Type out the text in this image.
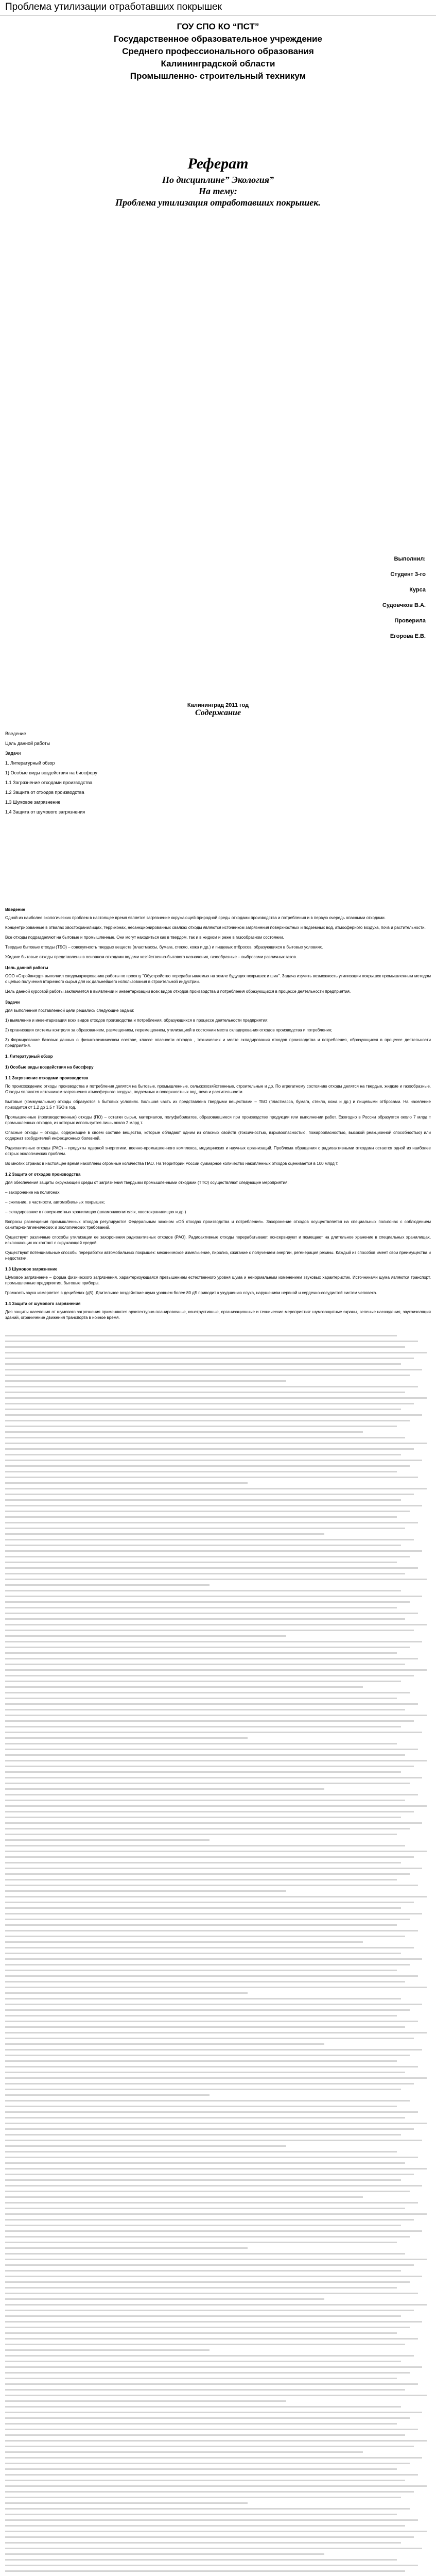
Проблема утилизации отработавших покрышек

ГОУ СПО КО “ПСТ”

Государственное образовательное учреждение

Среднего профессионального образования

Калининградской области

Промышленно- строительный техникум

Реферат

По дисциплине” Экология”

На тему:

Проблема утилизация отработавших покрышек.

Выполнил:
Студент 3-го
Курса
Судовчков В.А.
Проверила
Егорова Е.В.
Калининград 2011 год
Содержание
Введение
Цель данной работы
Задачи
1. Литературный обзор
1) Особые виды воздействия на биосферу
1.1 Загрязнение отходами производства
1.2 Защита от отходов производства
1.3 Шумовое загрязнение
1.4 Защита от шумового загрязнения
Введение

Одной из наиболее экологических проблем в настоящее время является загрязнение окружающей природной среды отходами производства и потребления и в первую очередь опасными отходами.

Концентрированные в отвалах хвостохранилищах, терриконах, несанкционированных свалках отходы являются источником загрязнения поверхностных и подземных вод, атмосферного воздуха, почв и растительности.

Все отходы подразделяют на бытовые и промышленные. Они могут находиться как в твердом, так и в жидком и реже в газообразном состоянии.

Твердые бытовые отходы (ТБО) – совокупность твердых веществ (пластмассы, бумага, стекло, кожа и др.) и пищевых отбросов, образующихся в бытовых условиях.

Жидкие бытовые отходы представлены в основном отходами водами хозяйственно-бытового назначения, газообразные – выбросами различных газов.

Цель данной работы

ООО «Стройвнедр» выполнил сводомаркированию работы по проекту "Обустройство перерабатываемых на земле будущих покрышек и шин". Задача изучить возможность утилизации покрышек промышленным методом с целью получения вторичного сырья для их дальнейшего использования в строительной индустрии.

Цель данной курсовой работы заключается в выявлении и инвентаризации всех видов отходов производства и потребления образующихся в процессе деятельности предприятия.

Задачи

Для выполнения поставленной цели решались следующие задачи:

1) выявление и инвентаризация всех видов отходов производства и потребления, образующихся в процессе деятельности предприятия;

2) организация системы контроля за образованием, размещением, перемещением, утилизацией в состоянии места складирования отходов производства и потребления;

3) Формирование базовых данных о физико-химическом составе, классе опасности отходов , технических и месте складирования отходов производства и потребления, образующихся в процессе деятельности предприятия.

1. Литературный обзор
1) Особые виды воздействия на биосферу
1.1 Загрязнение отходами производства

По происхождению отходы производства и потребления делятся на бытовые, промышленные, сельскохозяйственные, строительные и др. По агрегатному состоянию отходы делятся на твердые, жидкие и газообразные. Отходы являются источником загрязнения атмосферного воздуха, подземных и поверхностных вод, почв и растительности.

Бытовые (коммунальные) отходы образуются в бытовых условиях. Большая часть их представлена твердыми веществами – ТБО (пластмасса, бумага, стекло, кожа и др.) и пищевыми отбросами. На население приходится от 1,2 до 1,5 т ТБО в год.

Промышленные (производственные) отходы (ПО) – остатки сырья, материалов, полуфабрикатов, образовавшиеся при производстве продукции или выполнении работ. Ежегодно в России образуется около 7 млрд т промышленных отходов, из которых используется лишь около 2 млрд т.

Опасные отходы – отходы, содержащие в своем составе вещества, которые обладают одним из опасных свойств (токсичностью, взрывоопасностью, пожароопасностью, высокой реакционной способностью) или содержат возбудителей инфекционных болезней.

Радиоактивные отходы (РАО) – продукты ядерной энергетики, военно-промышленного комплекса, медицинских и научных организаций. Проблема обращения с радиоактивными отходами остается одной из наиболее острых экологических проблем.

Во многих странах в настоящее время накоплены огромные количества ПАО. На территории России суммарное количество накопленных отходов оценивается в 100 млрд т.

1.2 Защита от отходов производства

Для обеспечения защиты окружающей среды от загрязнения твердыми промышленными отходами (ТПО) осуществляют следующие мероприятия:

– захоронение на полигонах;

– сжигание, в частности, автомобильных покрышек;

– складирование в поверхностных хранилищах (шламонакопителях, хвостохранилищах и др.)

Вопросы размещения промышленных отходов регулируются Федеральным законом «Об отходах производства и потребления». Захоронение отходов осуществляется на специальных полигонах с соблюдением санитарно-гигиенических и экологических требований.

Существует различные способы утилизации ее захоронения радиоактивных отходов (РАО). Радиоактивные отходы перерабатывают, консервируют и помещают на длительное хранение в специальных хранилищах, исключающих их контакт с окружающей средой.

Существуют потенциальные способы переработки автомобильных покрышек: механическое измельчение, пиролиз, сжигание с получением энергии, регенерация резины. Каждый из способов имеет свои преимущества и недостатки.

1.3 Шумовое загрязнение

Шумовое загрязнение – форма физического загрязнения, характеризующаяся превышением естественного уровня шума и ненормальным изменением звуковых характеристик. Источниками шума являются транспорт, промышленные предприятия, бытовые приборы.

Громкость звука измеряется в децибелах (дБ). Длительное воздействие шума уровнем более 80 дБ приводит к ухудшению слуха, нарушениям нервной и сердечно-сосудистой систем человека.

1.4 Защита от шумового загрязнения

Для защиты населения от шумового загрязнения применяются архитектурно-планировочные, конструктивные, организационные и технические мероприятия: шумозащитные экраны, зеленые насаждения, звукоизоляция зданий, ограничение движения транспорта в ночное время.
